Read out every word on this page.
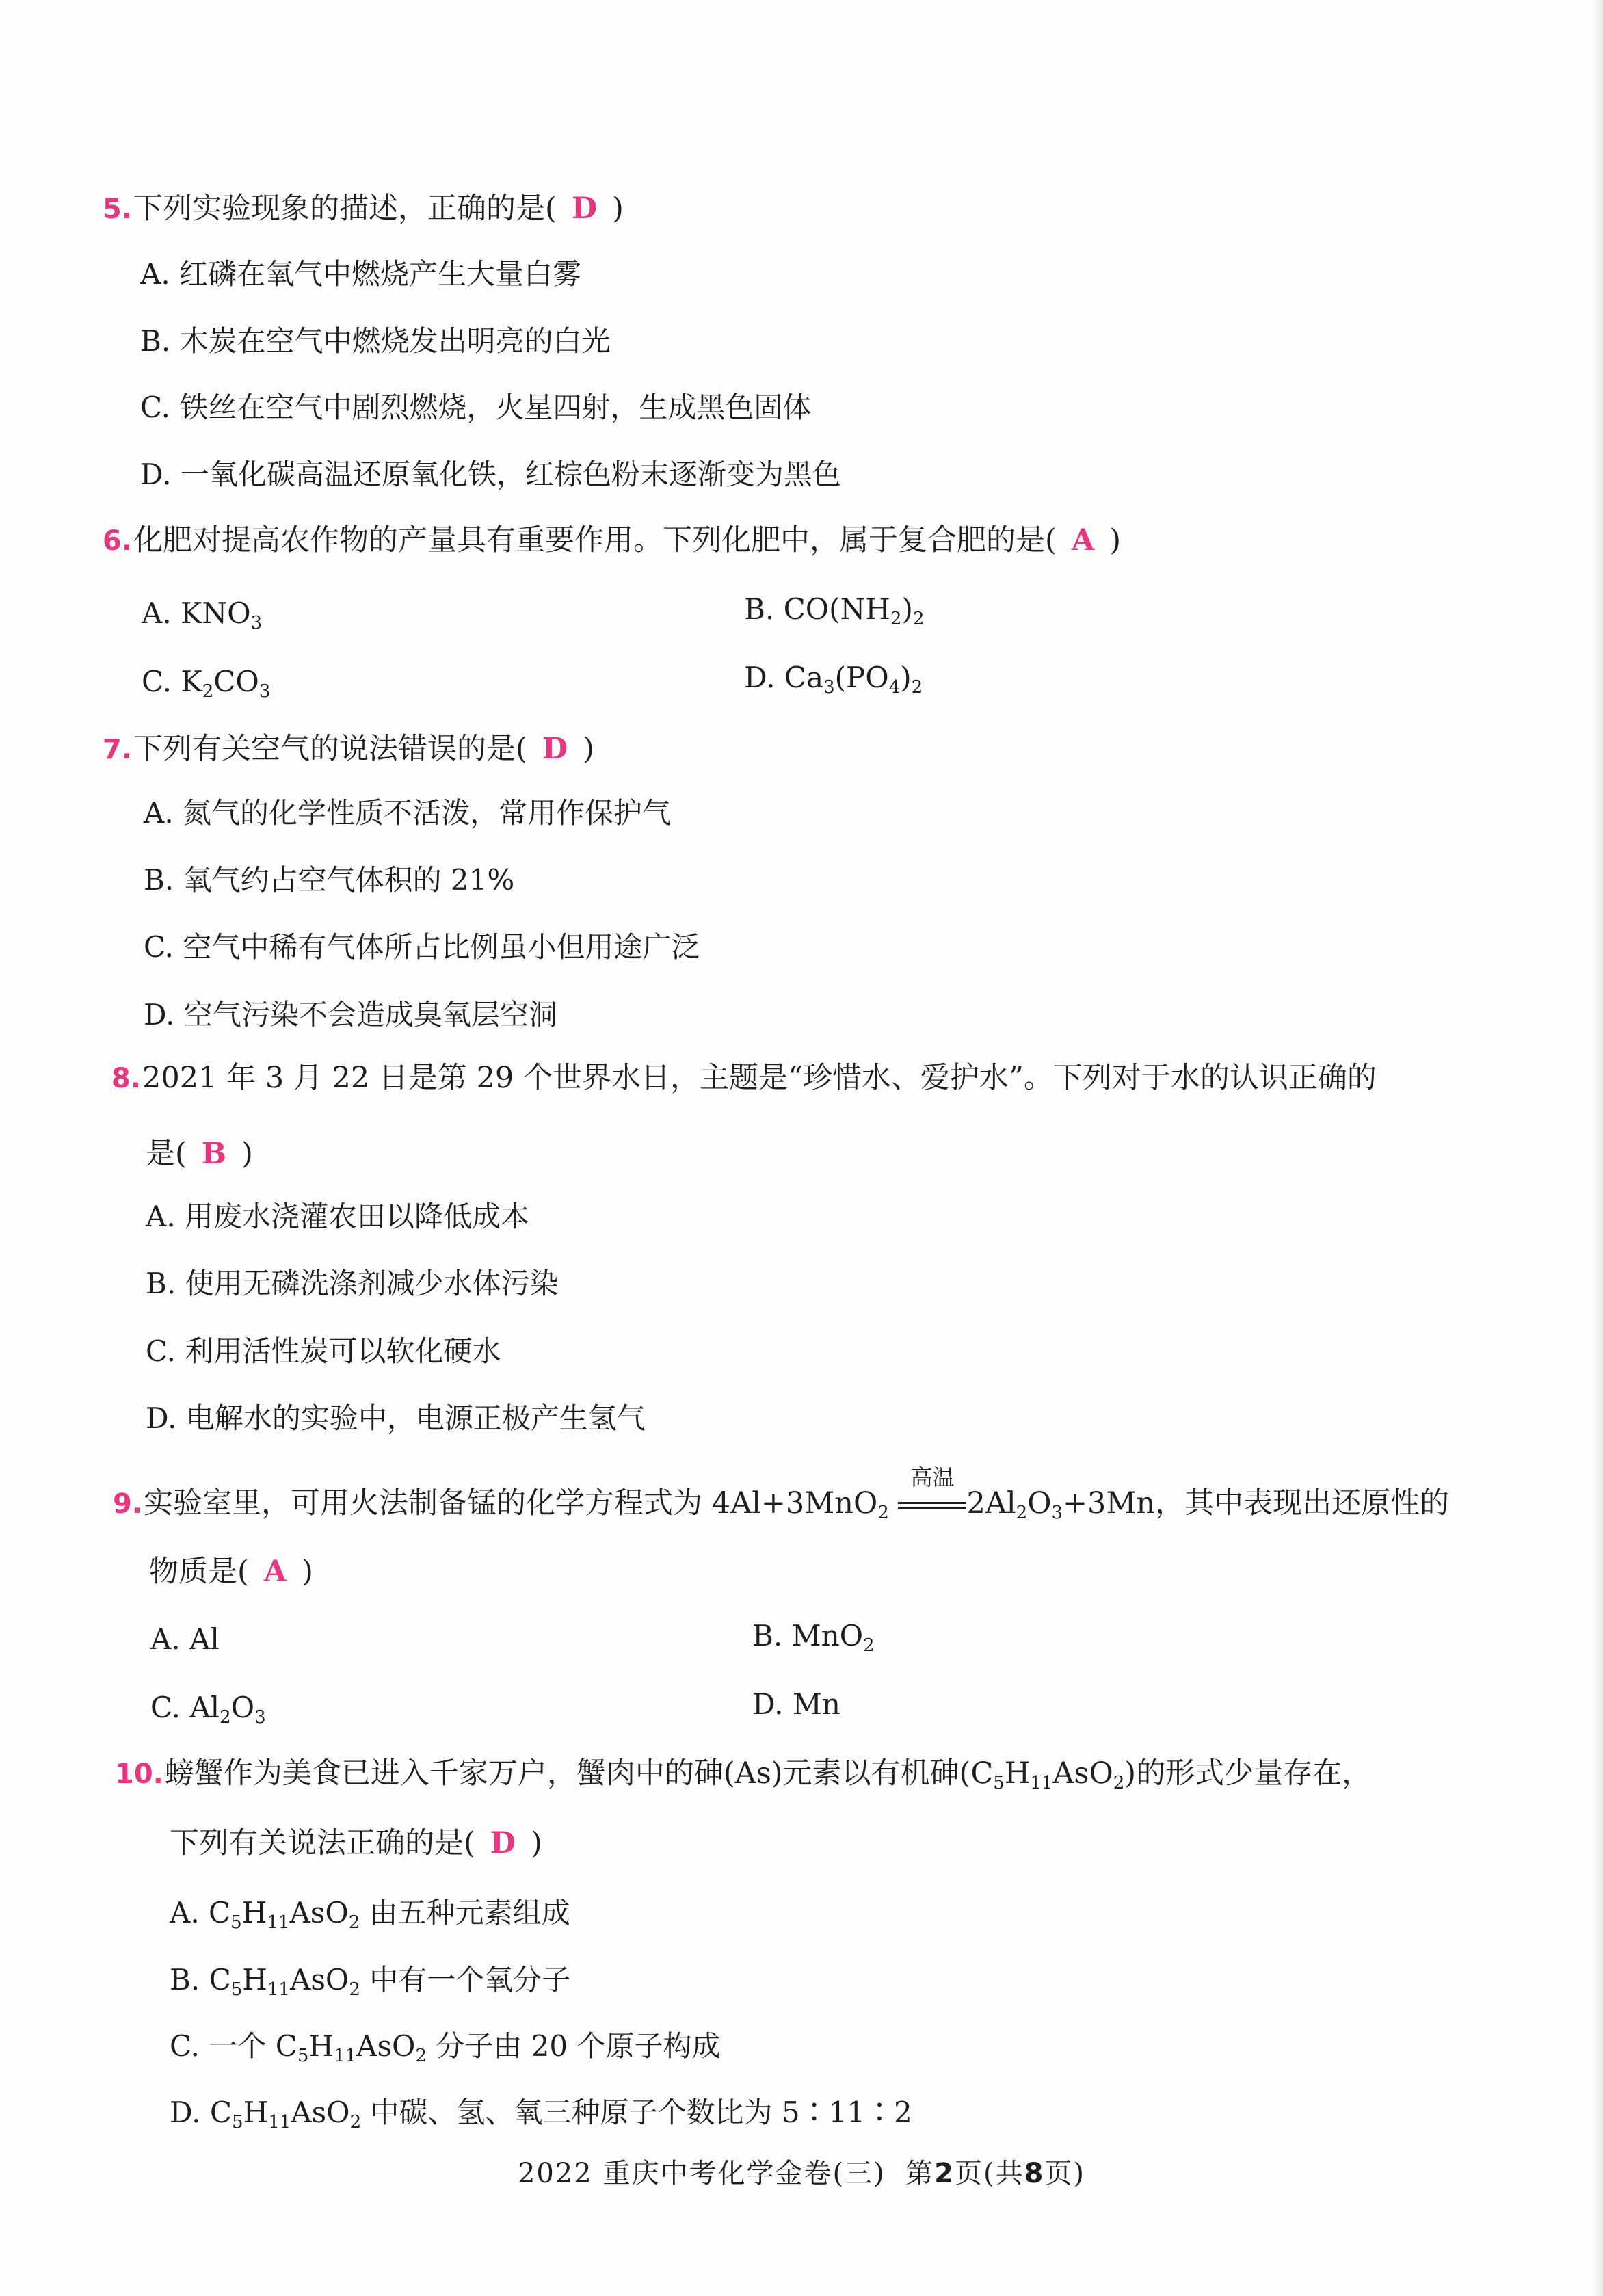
5.下列实验现象的描述，正确的是( D )
A. 红磷在氧气中燃烧产生大量白雾
B. 木炭在空气中燃烧发出明亮的白光
C. 铁丝在空气中剧烈燃烧，火星四射，生成黑色固体
D. 一氧化碳高温还原氧化铁，红棕色粉末逐渐变为黑色
6.化肥对提高农作物的产量具有重要作用。下列化肥中，属于复合肥的是( A )
A. $KNO_3$	B. $CO(NH_2)_2$
C. $K_2CO_3$	D. $Ca_3(PO_4)_2$
7.下列有关空气的说法错误的是( D )
A. 氮气的化学性质不活泼，常用作保护气
B. 氧气约占空气体积的 21%
C. 空气中稀有气体所占比例虽小但用途广泛
D. 空气污染不会造成臭氧层空洞
8.2021 年 3 月 22 日是第 29 个世界水日，主题是“珍惜水、爱护水”。下列对于水的认识正确的
是( B )
A. 用废水浇灌农田以降低成本
B. 使用无磷洗涤剂减少水体污染
C. 利用活性炭可以软化硬水
D. 电解水的实验中，电源正极产生氢气
9.实验室里，可用火法制备锰的化学方程式为 4Al+3MnO$_2$
高温
$2Al_2O_3+3Mn$，其中表现出还原性的
物质是( A )
A. Al	B. MnO$_2$
C. $Al_2O_3$	D. Mn
10.螃蟹作为美食已进入千家万户，蟹肉中的砷(As)元素以有机砷$(C_5H_{11}AsO_2)$的形式少量存在，
下列有关说法正确的是( D )
A. $C_5H_{11}AsO_2$ 由五种元素组成
B. $C_5H_{11}AsO_2$ 中有一个氧分子
C. 一个 $C_5H_{11}AsO_2$ 分子由 20 个原子构成
D. $C_5H_{11}AsO_2$ 中碳、氢、氧三种原子个数比为 5∶11∶2
2022 重庆中考化学金卷(三) 第2页(共8页)
